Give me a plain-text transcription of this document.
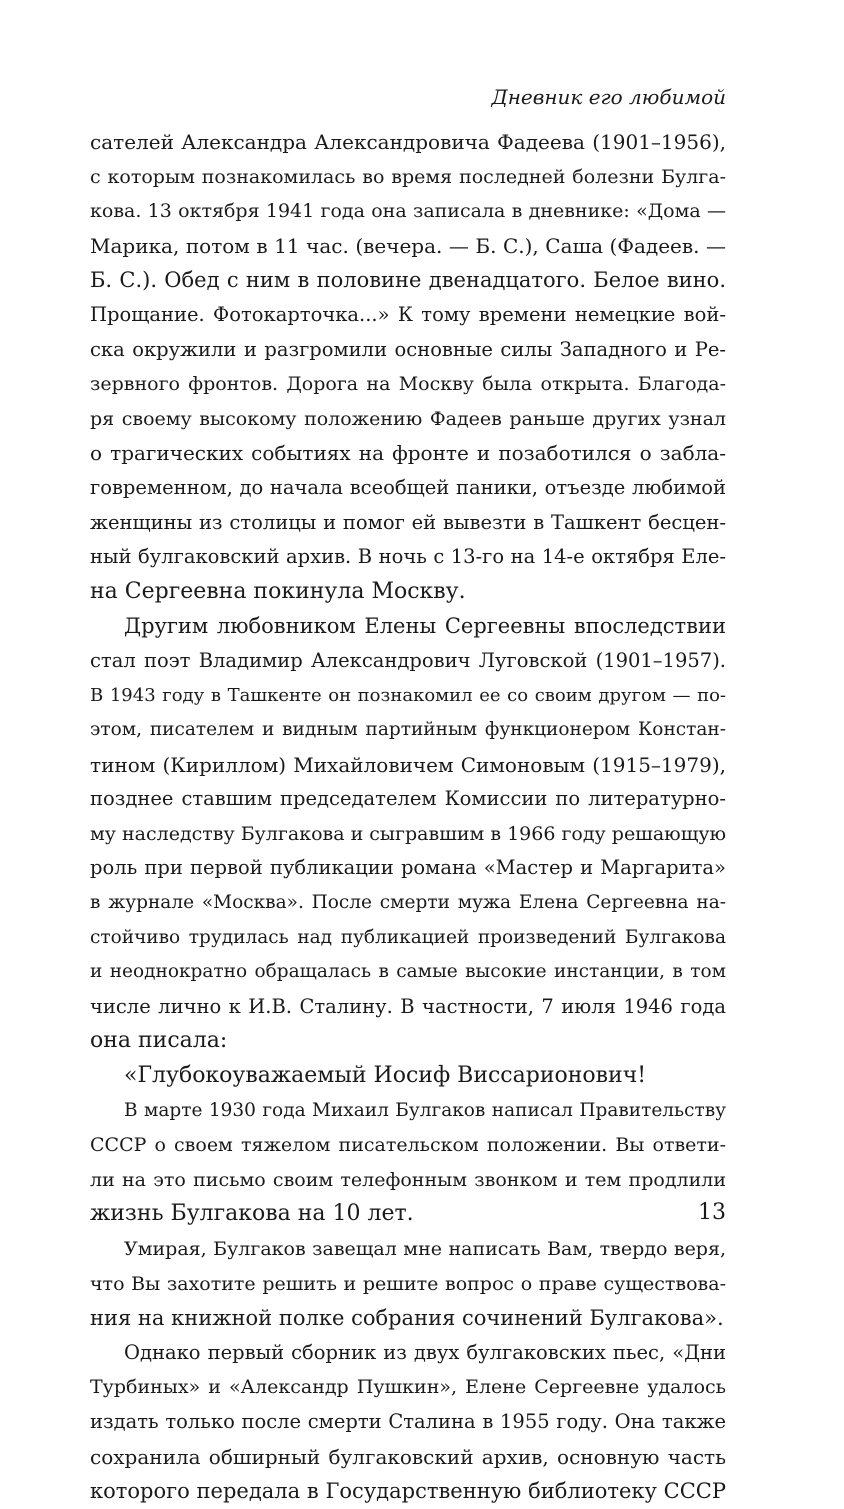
Дневник его любимой
сателей Александра Александровича Фадеева (1901–1956),
с которым познакомилась во время последней болезни Булга-
кова. 13 октября 1941 года она записала в дневнике: «Дома —
Марика, потом в 11 час. (вечера. — Б. С.), Саша (Фадеев. —
Б. С.). Обед с ним в половине двенадцатого. Белое вино.
Прощание. Фотокарточка...» К тому времени немецкие вой-
ска окружили и разгромили основные силы Западного и Ре-
зервного фронтов. Дорога на Москву была открыта. Благода-
ря своему высокому положению Фадеев раньше других узнал
о трагических событиях на фронте и позаботился о забла-
говременном, до начала всеобщей паники, отъезде любимой
женщины из столицы и помог ей вывезти в Ташкент бесцен-
ный булгаковский архив. В ночь с 13-го на 14-е октября Еле-
на Сергеевна покинула Москву.
Другим любовником Елены Сергеевны впоследствии
стал поэт Владимир Александрович Луговской (1901–1957).
В 1943 году в Ташкенте он познакомил ее со своим другом — по-
этом, писателем и видным партийным функционером Констан-
тином (Кириллом) Михайловичем Симоновым (1915–1979),
позднее ставшим председателем Комиссии по литературно-
му наследству Булгакова и сыгравшим в 1966 году решающую
роль при первой публикации романа «Мастер и Маргарита»
в журнале «Москва». После смерти мужа Елена Сергеевна на-
стойчиво трудилась над публикацией произведений Булгакова
и неоднократно обращалась в самые высокие инстанции, в том
числе лично к И.В. Сталину. В частности, 7 июля 1946 года
она писала:
«Глубокоуважаемый Иосиф Виссарионович!
В марте 1930 года Михаил Булгаков написал Правительству
СССР о своем тяжелом писательском положении. Вы ответи-
ли на это письмо своим телефонным звонком и тем продлили
жизнь Булгакова на 10 лет.
Умирая, Булгаков завещал мне написать Вам, твердо веря,
что Вы захотите решить и решите вопрос о праве существова-
ния на книжной полке собрания сочинений Булгакова».
Однако первый сборник из двух булгаковских пьес, «Дни
Турбиных» и «Александр Пушкин», Елене Сергеевне удалось
издать только после смерти Сталина в 1955 году. Она также
сохранила обширный булгаковский архив, основную часть
которого передала в Государственную библиотеку СССР
13
